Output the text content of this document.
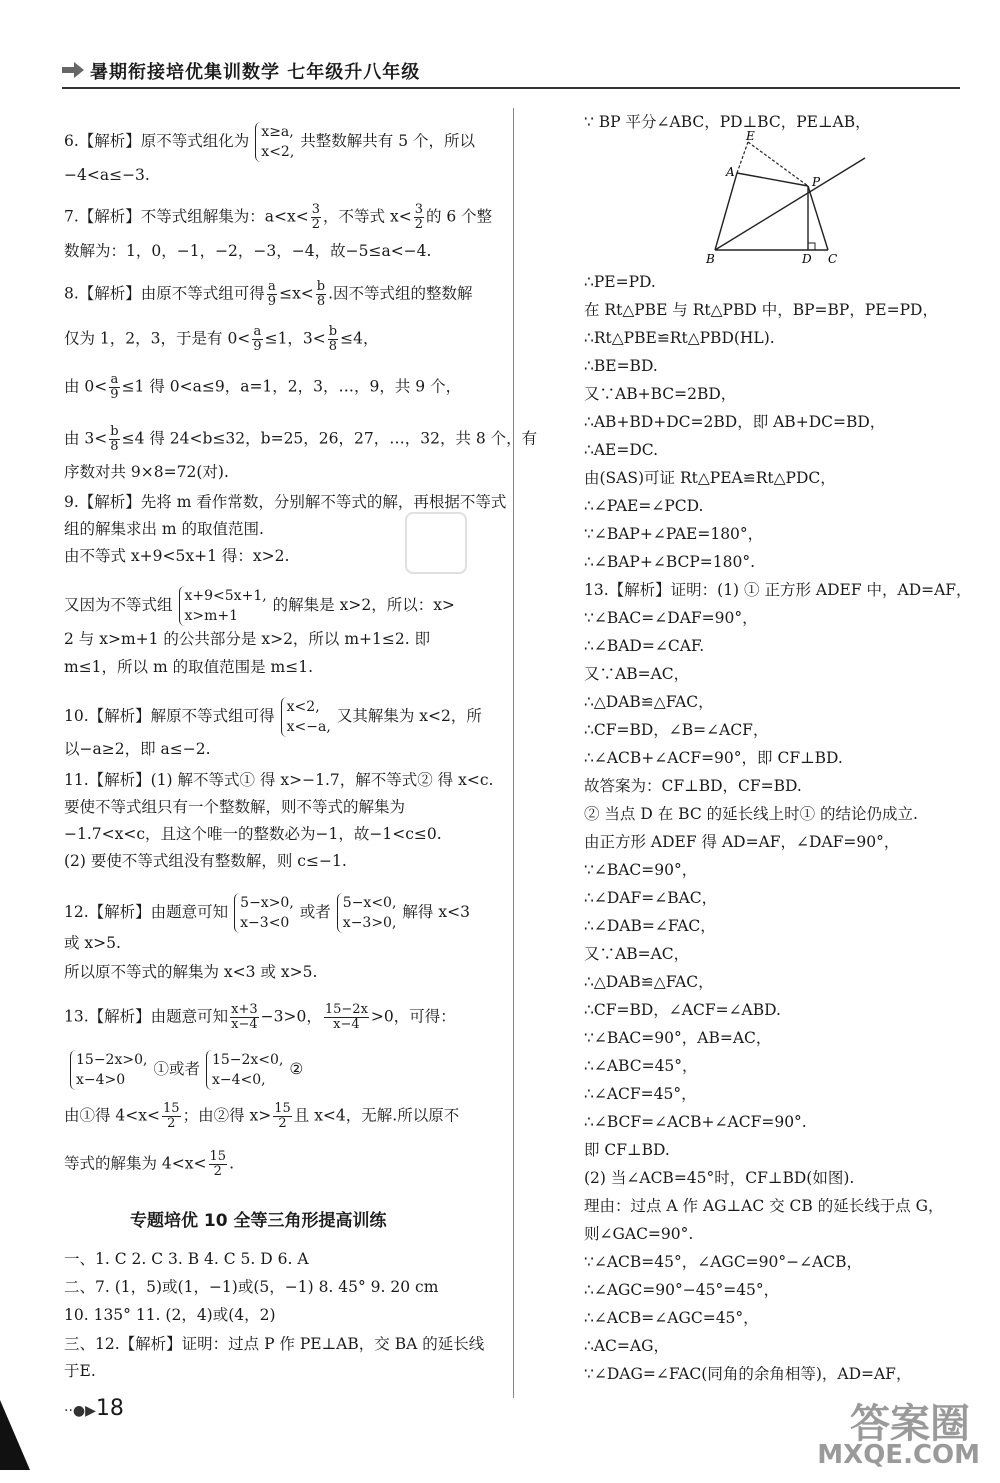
暑期衔接培优集训数学 七年级升八年级
6.【解析】原不等式组化为 x≥a,
x<2,
共整数解共有 5 个，所以
−4<a≤−3.
7.【解析】不等式组解集为：$a<x< \frac{3}{2}$ ，不等式 $x< \frac{3}{2}$ 的 6 个整
数解为：1，0，−1，−2，−3，−4，故−5≤a<−4.
8.【解析】由原不等式组可得 $\frac{a}{9} \le x< \frac{b}{8}$ .因不等式组的整数解
仅为 1，2，3，于是有 $0< \frac{a}{9} \le 1$，$3< \frac{b}{8} \le 4$，
由 $0< \frac{a}{9} \le 1$ 得 0<a≤9，a=1，2，3，…，9，共 9 个，
由 $3< \frac{b}{8} \le 4$ 得 24<b≤32，b=25，26，27，…，32，共 8 个，有
序数对共 9×8=72(对).
9.【解析】先将 m 看作常数，分别解不等式的解，再根据不等式
组的解集求出 m 的取值范围.
由不等式 x+9<5x+1 得：x>2.
又因为不等式组 x+9<5x+1,
x>m+1
的解集是 x>2，所以：x>
2 与 x>m+1 的公共部分是 x>2，所以 m+1≤2. 即
m≤1，所以 m 的取值范围是 m≤1.
10.【解析】解原不等式组可得 x<2,
x<−a,
又其解集为 x<2，所
以−a≥2，即 a≤−2.
11.【解析】(1) 解不等式① 得 x>−1.7，解不等式② 得 x<c.
要使不等式组只有一个整数解，则不等式的解集为
−1.7<x<c，且这个唯一的整数必为−1，故−1<c≤0.
(2) 要使不等式组没有整数解，则 c≤−1.
12.【解析】由题意可知 5−x>0,
x−3<0
或者 5−x<0,
x−3>0,
解得 x<3
或 x>5.
所以原不等式的解集为 x<3 或 x>5.
13.【解析】由题意可知 $\frac{x+3}{x-4} -3>0$， $\frac{15-2x}{x-4} >0$，可得：
15−2x>0,
x−4>0
①或者 15−2x<0,
x−4<0,
②
由①得 $4<x< \frac{15}{2}$ ；由②得 $x> \frac{15}{2}$ 且 x<4，无解.所以原不
等式的解集为 $4<x< \frac{15}{2}$ .
一、1. C 2. C 3. B 4. C 5. D 6. A
二、7. (1，5)或(1，−1)或(5，−1) 8. 45° 9. 20 cm
10. 135° 11. (2，4)或(4，2)
三、12.【解析】证明：过点 P 作 PE⊥AB，交 BA 的延长线
于E.
∵ BP 平分∠ABC，PD⊥BC，PE⊥AB，
∴PE=PD.
在 Rt△PBE 与 Rt△PBD 中，BP=BP，PE=PD，
∴Rt△PBE≌Rt△PBD(HL).
∴BE=BD.
又∵AB+BC=2BD，
∴AB+BD+DC=2BD，即 AB+DC=BD，
∴AE=DC.
由(SAS)可证 Rt△PEA≌Rt△PDC，
∴∠PAE=∠PCD.
∵∠BAP+∠PAE=180°，
∴∠BAP+∠BCP=180°.
13.【解析】证明：(1) ① 正方形 ADEF 中，AD=AF，
∵∠BAC=∠DAF=90°，
∴∠BAD=∠CAF.
又∵AB=AC，
∴△DAB≌△FAC，
∴CF=BD，∠B=∠ACF，
∴∠ACB+∠ACF=90°，即 CF⊥BD.
故答案为：CF⊥BD，CF=BD.
② 当点 D 在 BC 的延长线上时① 的结论仍成立.
由正方形 ADEF 得 AD=AF，∠DAF=90°，
∵∠BAC=90°，
∴∠DAF=∠BAC，
∴∠DAB=∠FAC，
又∵AB=AC，
∴△DAB≌△FAC，
∴CF=BD，∠ACF=∠ABD.
∵∠BAC=90°，AB=AC，
∴∠ABC=45°，
∴∠ACF=45°，
∴∠BCF=∠ACB+∠ACF=90°.
即 CF⊥BD.
(2) 当∠ACB=45°时，CF⊥BD(如图).
理由：过点 A 作 AG⊥AC 交 CB 的延长线于点 G，
则∠GAC=90°.
∵∠ACB=45°，∠AGC=90°−∠ACB，
∴∠AGC=90°−45°=45°，
∴∠ACB=∠AGC=45°，
∴AC=AG，
∵∠DAG=∠FAC(同角的余角相等)，AD=AF，
专题培优 10 全等三角形提高训练
E
A
P
B	D C
··●▶18	答案圈
MXQE.COM
